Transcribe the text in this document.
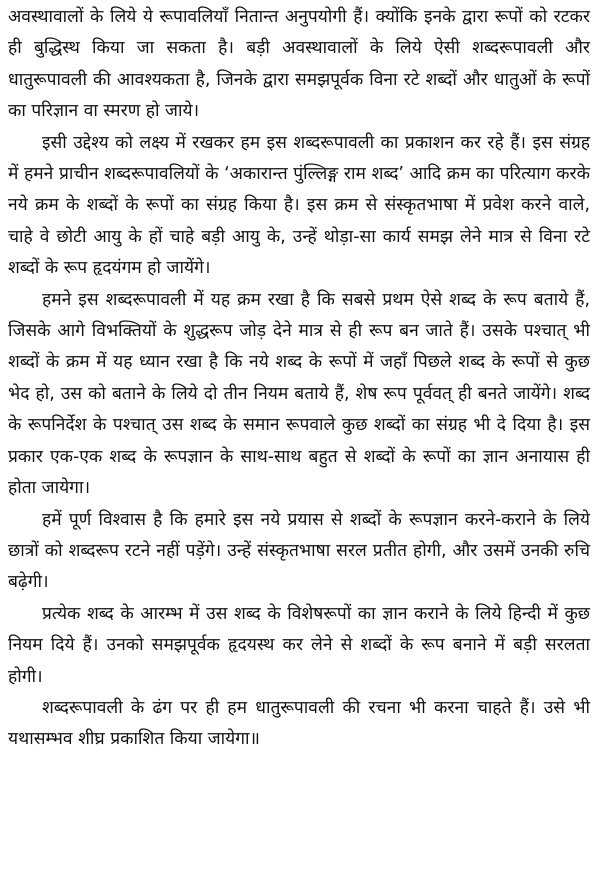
अवस्थावालों के लिये ये रूपावलियाँ नितान्त अनुपयोगी हैं। क्योंकि इनके द्वारा रूपों को रटकर ही बुद्धिस्थ किया जा सकता है। बड़ी अवस्थावालों के लिये ऐसी शब्दरूपावली और धातुरूपावली की आवश्यकता है, जिनके द्वारा समझपूर्वक विना रटे शब्दों और धातुओं के रूपों का परिज्ञान वा स्मरण हो जाये।

इसी उद्देश्य को लक्ष्य में रखकर हम इस शब्दरूपावली का प्रकाशन कर रहे हैं। इस संग्रह में हमने प्राचीन शब्दरूपावलियों के ‘अकारान्त पुंल्लिङ्ग राम शब्द’ आदि क्रम का परित्याग करके नये क्रम के शब्दों के रूपों का संग्रह किया है। इस क्रम से संस्कृतभाषा में प्रवेश करने वाले, चाहे वे छोटी आयु के हों चाहे बड़ी आयु के, उन्हें थोड़ा-सा कार्य समझ लेने मात्र से विना रटे शब्दों के रूप हृदयंगम हो जायेंगे।

हमने इस शब्दरूपावली में यह क्रम रखा है कि सबसे प्रथम ऐसे शब्द के रूप बताये हैं, जिसके आगे विभक्तियों के शुद्धरूप जोड़ देने मात्र से ही रूप बन जाते हैं। उसके पश्चात् भी शब्दों के क्रम में यह ध्यान रखा है कि नये शब्द के रूपों में जहाँ पिछले शब्द के रूपों से कुछ भेद हो, उस को बताने के लिये दो तीन नियम बताये हैं, शेष रूप पूर्ववत् ही बनते जायेंगे। शब्द के रूपनिर्देश के पश्चात् उस शब्द के समान रूपवाले कुछ शब्दों का संग्रह भी दे दिया है। इस प्रकार एक-एक शब्द के रूपज्ञान के साथ-साथ बहुत से शब्दों के रूपों का ज्ञान अनायास ही होता जायेगा।

हमें पूर्ण विश्वास है कि हमारे इस नये प्रयास से शब्दों के रूपज्ञान करने-कराने के लिये छात्रों को शब्दरूप रटने नहीं पड़ेंगे। उन्हें संस्कृतभाषा सरल प्रतीत होगी, और उसमें उनकी रुचि बढ़ेगी।

प्रत्येक शब्द के आरम्भ में उस शब्द के विशेषरूपों का ज्ञान कराने के लिये हिन्दी में कुछ नियम दिये हैं। उनको समझपूर्वक हृदयस्थ कर लेने से शब्दों के रूप बनाने में बड़ी सरलता होगी।

शब्दरूपावली के ढंग पर ही हम धातुरूपावली की रचना भी करना चाहते हैं। उसे भी यथासम्भव शीघ्र प्रकाशित किया जायेगा॥
